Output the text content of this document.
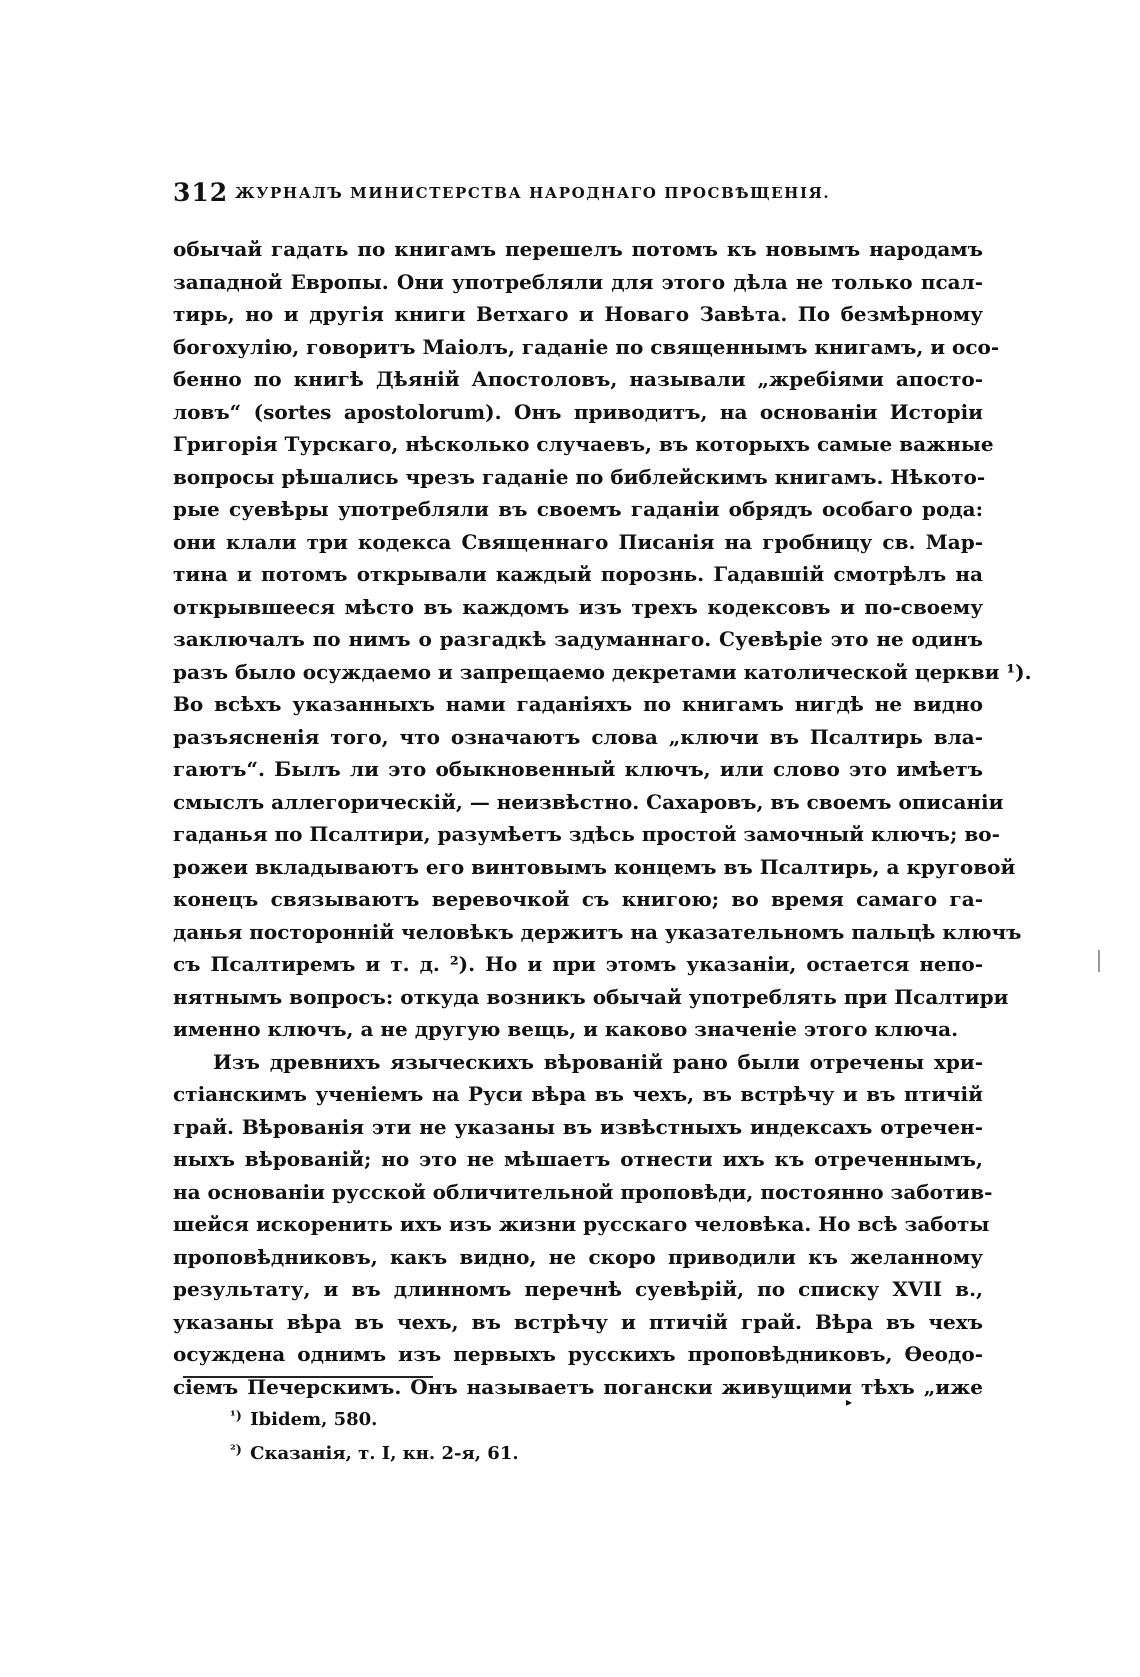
312 ЖУРНАЛЪ МИНИСТЕРСТВА НАРОДНАГО ПРОСВѢЩЕНІЯ.
обычай гадать по книгамъ перешелъ потомъ къ новымъ народамъ
западной Европы. Они употребляли для этого дѣла не только псал-
тирь, но и другія книги Ветхаго и Новаго Завѣта. По безмѣрному
богохулію, говоритъ Маіолъ, гаданіе по священнымъ книгамъ, и осо-
бенно по книгѣ Дѣяній Апостоловъ, называли „жребіями апосто-
ловъ“ (sortes apostolorum). Онъ приводитъ, на основаніи Исторіи
Григорія Турскаго, нѣсколько случаевъ, въ которыхъ самые важные
вопросы рѣшались чрезъ гаданіе по библейскимъ книгамъ. Нѣкото-
рые суевѣры употребляли въ своемъ гаданіи обрядъ особаго рода:
они клали три кодекса Священнаго Писанія на гробницу св. Мар-
тина и потомъ открывали каждый порознь. Гадавшій смотрѣлъ на
открывшееся мѣсто въ каждомъ изъ трехъ кодексовъ и по-своему
заключалъ по нимъ о разгадкѣ задуманнаго. Суевѣріе это не одинъ
разъ было осуждаемо и запрещаемо декретами католической церкви ¹).
Во всѣхъ указанныхъ нами гаданіяхъ по книгамъ нигдѣ не видно
разъясненія того, что означаютъ слова „ключи въ Псалтирь вла-
гаютъ“. Былъ ли это обыкновенный ключъ, или слово это имѣетъ
смыслъ аллегорическій, — неизвѣстно. Сахаровъ, въ своемъ описаніи
гаданья по Псалтири, разумѣетъ здѣсь простой замочный ключъ; во-
рожеи вкладываютъ его винтовымъ концемъ въ Псалтирь, а круговой
конецъ связываютъ веревочкой съ книгою; во время самаго га-
данья посторонній человѣкъ держитъ на указательномъ пальцѣ ключъ
съ Псалтиремъ и т. д. ²). Но и при этомъ указаніи, остается непо-
нятнымъ вопросъ: откуда возникъ обычай употреблять при Псалтири
именно ключъ, а не другую вещь, и каково значеніе этого ключа.
Изъ древнихъ языческихъ вѣрованій рано были отречены хри-
стіанскимъ ученіемъ на Руси вѣра въ чехъ, въ встрѣчу и въ птичій
грай. Вѣрованія эти не указаны въ извѣстныхъ индексахъ отречен-
ныхъ вѣрованій; но это не мѣшаетъ отнести ихъ къ отреченнымъ,
на основаніи русской обличительной проповѣди, постоянно заботив-
шейся искоренить ихъ изъ жизни русскаго человѣка. Но всѣ заботы
проповѣдниковъ, какъ видно, не скоро приводили къ желанному
результату, и въ длинномъ перечнѣ суевѣрій, по списку XVII в.,
указаны вѣра въ чехъ, въ встрѣчу и птичій грай. Вѣра въ чехъ
осуждена однимъ изъ первыхъ русскихъ проповѣдниковъ, Ѳеодо-
сіемъ Печерскимъ. Онъ называетъ погански живущими тѣхъ „иже
$^{^1)}$ Ibidem, 580.
$^{^2)}$ Сказанія, т. I, кн. 2-я, 61.
▸
